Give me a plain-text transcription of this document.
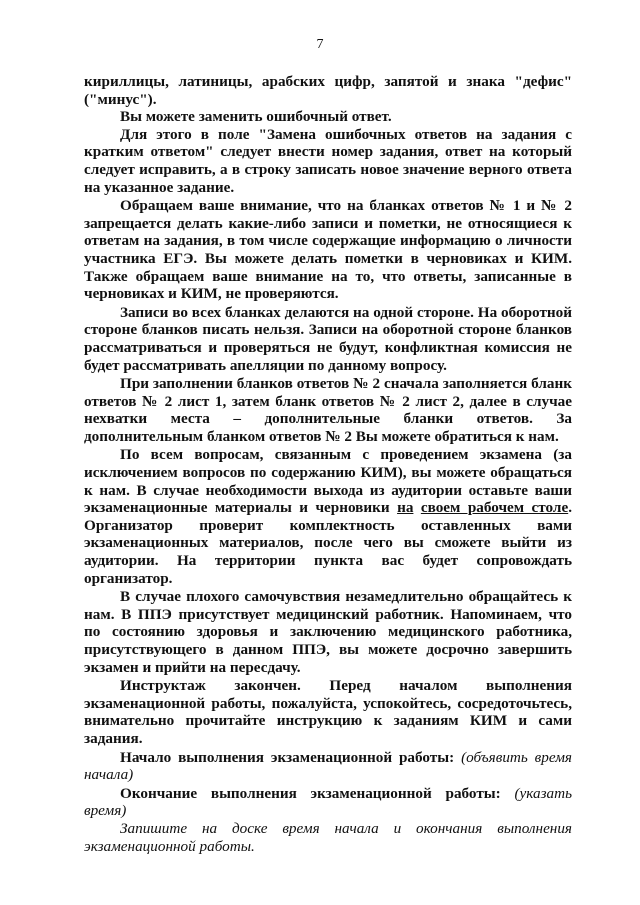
7

кириллицы, латиницы, арабских цифр, запятой и знака "дефис" ("минус").

Вы можете заменить ошибочный ответ.

Для этого в поле "Замена ошибочных ответов на задания с кратким ответом" следует внести номер задания, ответ на который следует исправить, а в строку записать новое значение верного ответа на указанное задание.

Обращаем ваше внимание, что на бланках ответов № 1 и № 2 запрещается делать какие-либо записи и пометки, не относящиеся к ответам на задания, в том числе содержащие информацию о личности участника ЕГЭ. Вы можете делать пометки в черновиках и КИМ. Также обращаем ваше внимание на то, что ответы, записанные в черновиках и КИМ, не проверяются.

Записи во всех бланках делаются на одной стороне. На оборотной стороне бланков писать нельзя. Записи на оборотной стороне бланков рассматриваться и проверяться не будут, конфликтная комиссия не будет рассматривать апелляции по данному вопросу.

При заполнении бланков ответов № 2 сначала заполняется бланк ответов № 2 лист 1, затем бланк ответов № 2 лист 2, далее в случае нехватки места – дополнительные бланки ответов. За дополнительным бланком ответов № 2 Вы можете обратиться к нам.

По всем вопросам, связанным с проведением экзамена (за исключением вопросов по содержанию КИМ), вы можете обращаться к нам. В случае необходимости выхода из аудитории оставьте ваши экзаменационные материалы и черновики на своем рабочем столе. Организатор проверит комплектность оставленных вами экзаменационных материалов, после чего вы сможете выйти из аудитории. На территории пункта вас будет сопровождать организатор.

В случае плохого самочувствия незамедлительно обращайтесь к нам. В ППЭ присутствует медицинский работник. Напоминаем, что по состоянию здоровья и заключению медицинского работника, присутствующего в данном ППЭ, вы можете досрочно завершить экзамен и прийти на пересдачу.

Инструктаж закончен. Перед началом выполнения экзаменационной работы, пожалуйста, успокойтесь, сосредоточьтесь, внимательно прочитайте инструкцию к заданиям КИМ и сами задания.

Начало выполнения экзаменационной работы: (объявить время начала)

Окончание выполнения экзаменационной работы: (указать время)

Запишите на доске время начала и окончания выполнения экзаменационной работы.
